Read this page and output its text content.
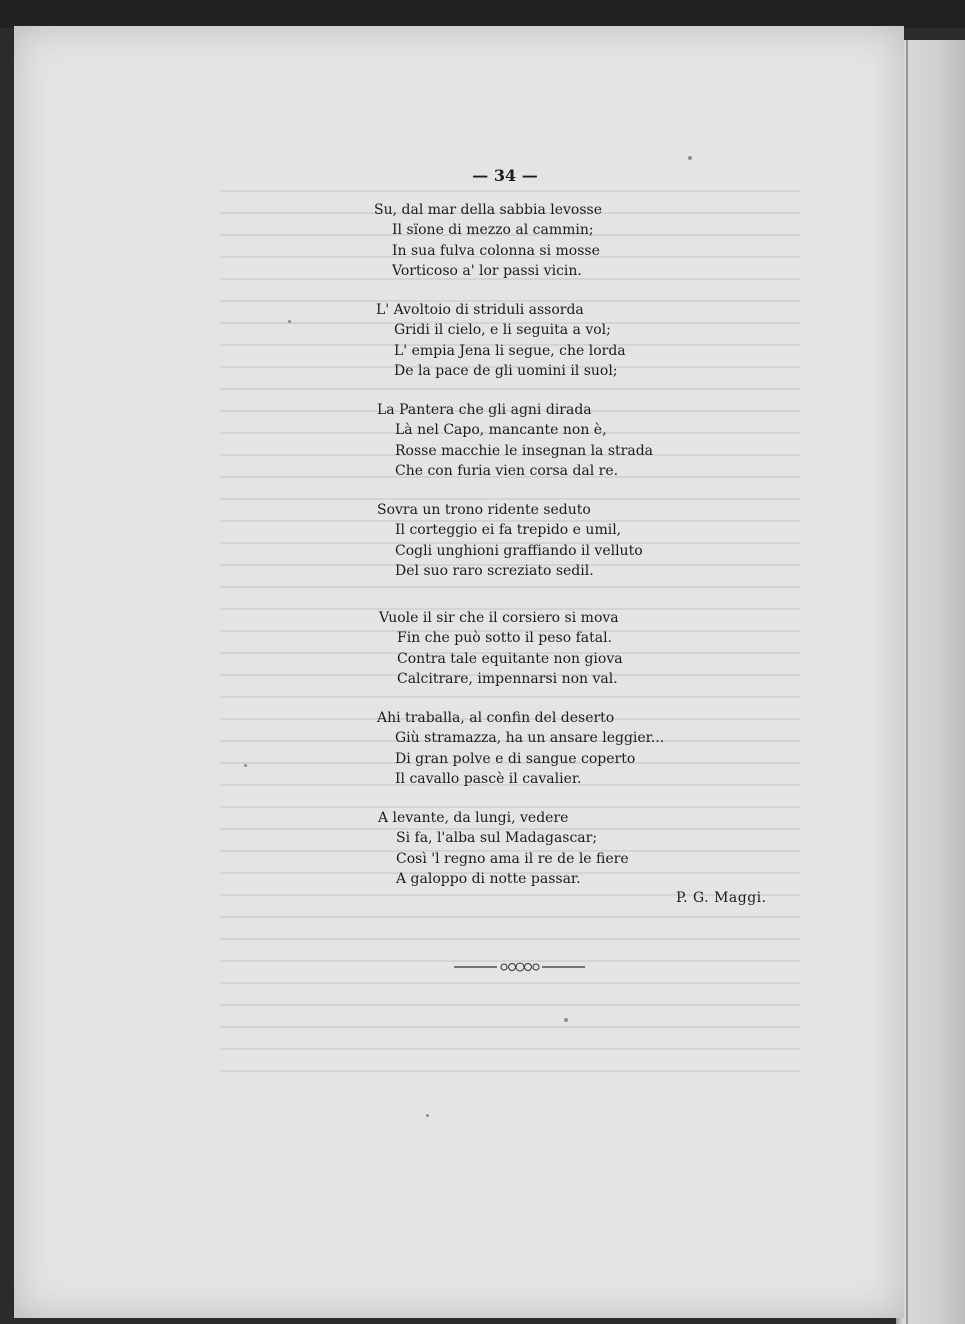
— 34 —
Su, dal mar della sabbia levosse
Il sïone di mezzo al cammin;
In sua fulva colonna si mosse
Vorticoso a' lor passi vicin.
L' Avoltoio di striduli assorda
Gridi il cielo, e li seguita a vol;
L' empia Jena li segue, che lorda
De la pace de gli uomini il suol;
La Pantera che gli agni dirada
Là nel Capo, mancante non è,
Rosse macchie le insegnan la strada
Che con furia vien corsa dal re.
Sovra un trono ridente seduto
Il corteggio ei fa trepido e umil,
Cogli unghioni graffiando il velluto
Del suo raro screziato sedil.
Vuole il sir che il corsiero si mova
Fin che può sotto il peso fatal.
Contra tale equitante non giova
Calcitrare, impennarsi non val.
Ahi traballa, al confin del deserto
Giù stramazza, ha un ansare leggier...
Di gran polve e di sangue coperto
Il cavallo pascè il cavalier.
A levante, da lungi, vedere
Si fa, l'alba sul Madagascar;
Così 'l regno ama il re de le fiere
A galoppo di notte passar.
P. G. Maggi.
